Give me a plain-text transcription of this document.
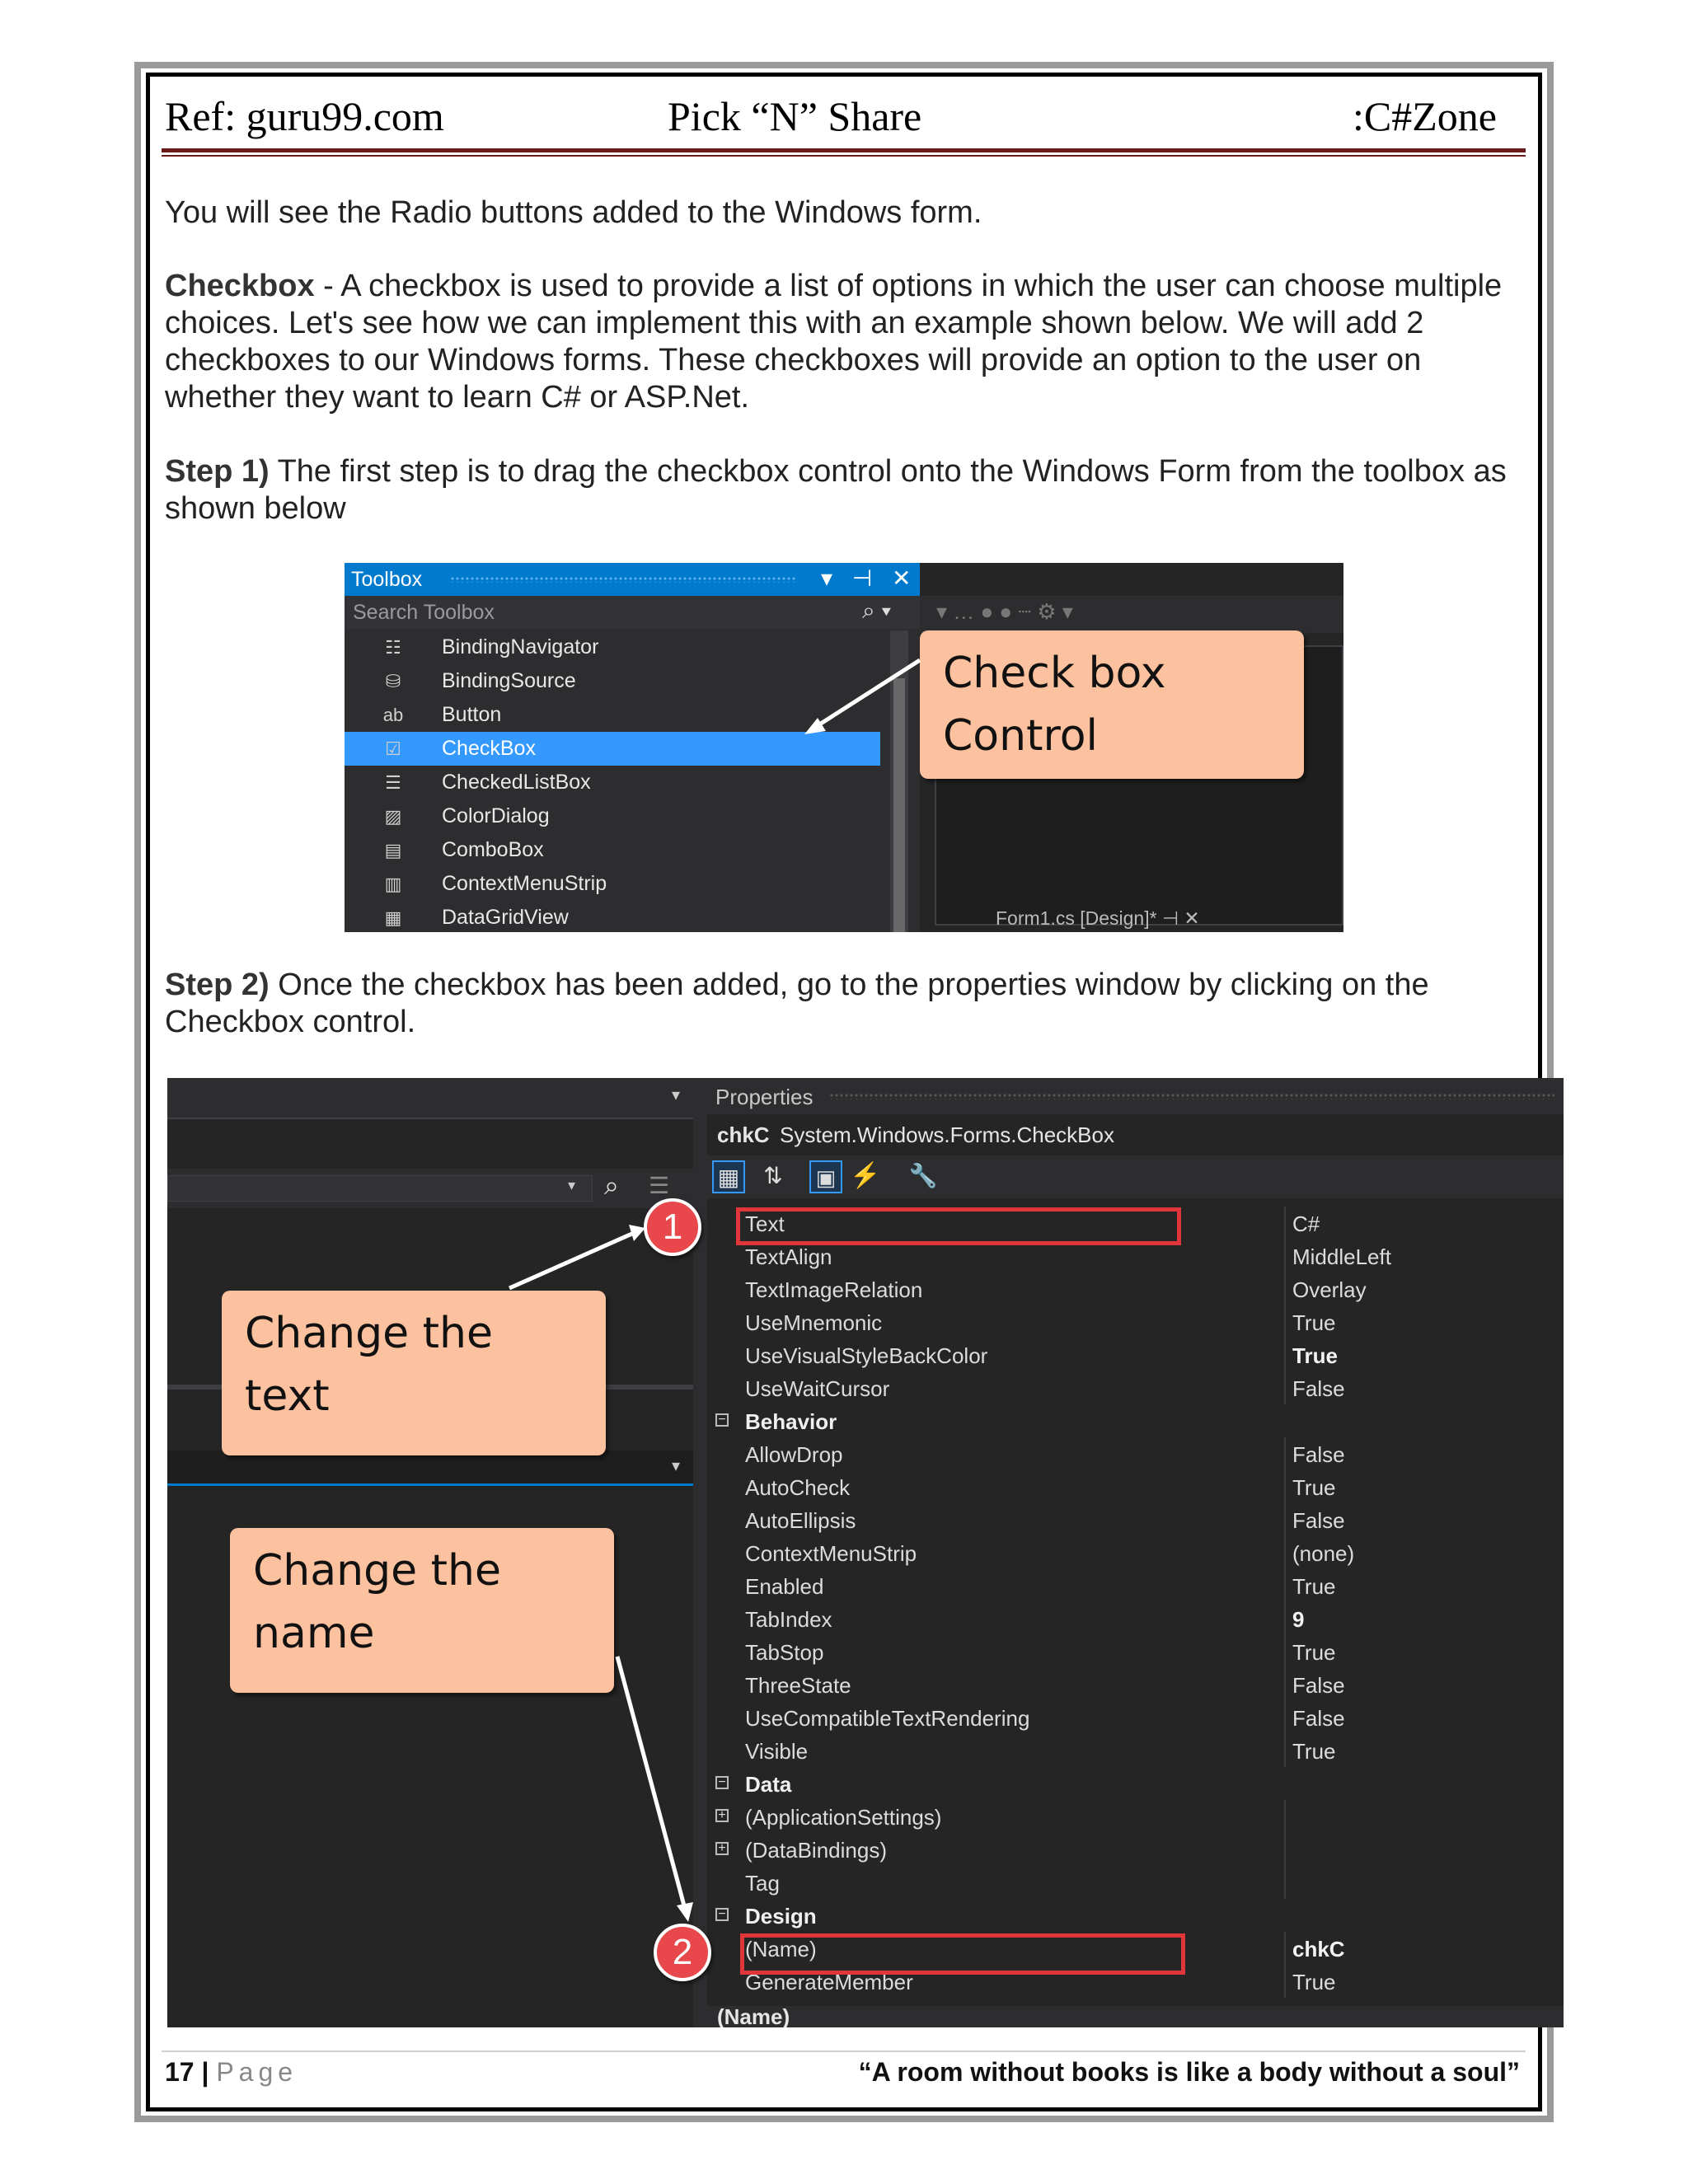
Ref: guru99.com	Pick “N” Share	:C#Zone
You will see the Radio buttons added to the Windows form.
Checkbox - A checkbox is used to provide a list of options in which the user can choose multiple choices. Let's see how we can implement this with an example shown below. We will add 2 checkboxes to our Windows forms. These checkboxes will provide an option to the user on whether they want to learn C# or ASP.Net.
Step 1) The first step is to drag the checkbox control onto the Windows Form from the toolbox as shown below
Toolbox	▾ ⊣ ✕
Search Toolbox	⌕ ▾
☷ BindingNavigator
⛁ BindingSource
ab Button
☑ CheckBox
☰ CheckedListBox
▨ ColorDialog
▤ ComboBox
▥ ContextMenuStrip
▦ DataGridView
▾ … ● ● ┈ ⚙ ▾
Form1.cs [Design]* ⊣ ✕
Check box Control
Step 2) Once the checkbox has been added, go to the properties window by clicking on the Checkbox control.
▾
▾ ⌕ ☰
▾
Properties
chkC System.Windows.Forms.CheckBox
▦ ⇅	▣ ⚡ 🔧
Text	C#
TextAlign	MiddleLeft
TextImageRelation	Overlay
UseMnemonic	True
UseVisualStyleBackColor	True
UseWaitCursor	False
− Behavior
AllowDrop	False
AutoCheck	True
AutoEllipsis	False
ContextMenuStrip	(none)
Enabled	True
TabIndex	9
TabStop	True
ThreeState	False
UseCompatibleTextRendering	False
Visible	True
− Data
+ (ApplicationSettings)
+ (DataBindings)
Tag
− Design
(Name)	chkC
GenerateMember	True
(Name)
1
2
Change the text
Change the name
17 | Page	“A room without books is like a body without a soul”
